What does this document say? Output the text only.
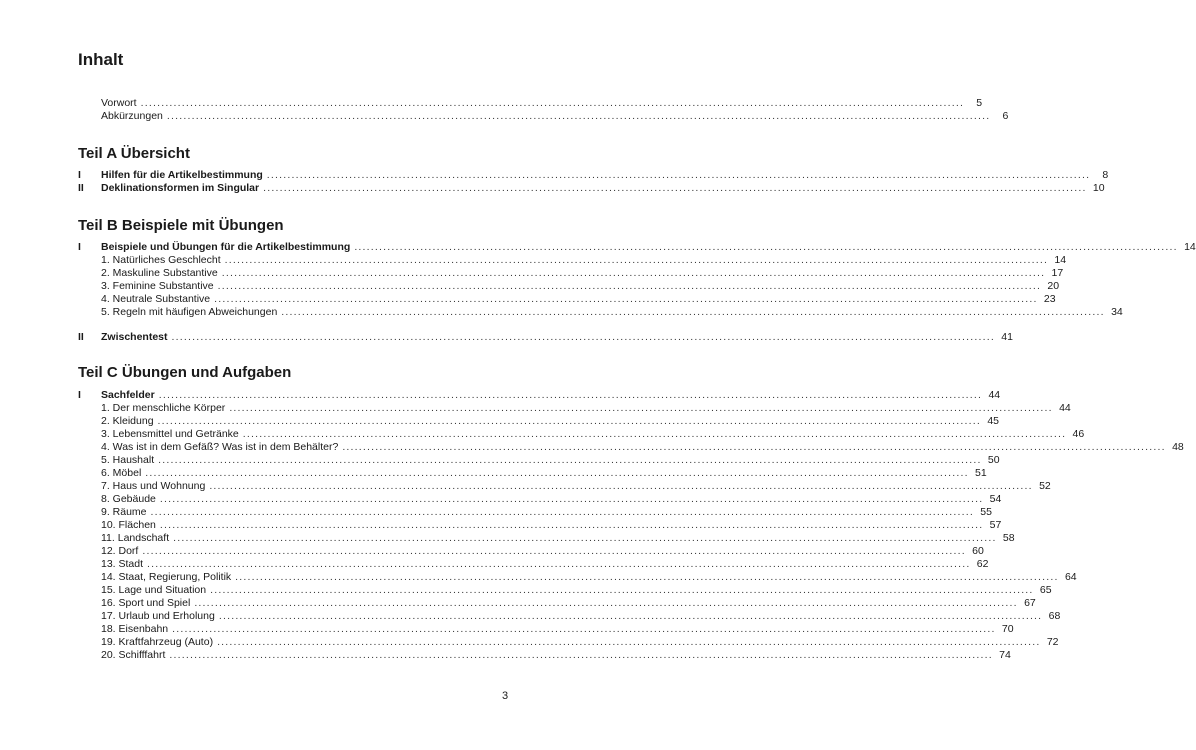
Inhalt
Vorwort ........................................................................................................................................................................................................	5
Abkürzungen ........................................................................................................................................................................................................	6
Teil A Übersicht
I	Hilfen für die Artikelbestimmung ........................................................................................................................................................................................................	8
II	Deklinationsformen im Singular ........................................................................................................................................................................................................ 10
Teil B Beispiele mit Übungen
I	Beispiele und Übungen für die Artikelbestimmung ........................................................................................................................................................................................................ 14
1. Natürliches Geschlecht ........................................................................................................................................................................................................ 14
2. Maskuline Substantive ........................................................................................................................................................................................................ 17
3. Feminine Substantive ........................................................................................................................................................................................................ 20
4. Neutrale Substantive ........................................................................................................................................................................................................ 23
5. Regeln mit häufigen Abweichungen ........................................................................................................................................................................................................ 34
II	Zwischentest ........................................................................................................................................................................................................ 41
Teil C Übungen und Aufgaben
I	Sachfelder ........................................................................................................................................................................................................ 44
1. Der menschliche Körper ........................................................................................................................................................................................................ 44
2. Kleidung ........................................................................................................................................................................................................ 45
3. Lebensmittel und Getränke ........................................................................................................................................................................................................ 46
4. Was ist in dem Gefäß? Was ist in dem Behälter? ........................................................................................................................................................................................................ 48
5. Haushalt ........................................................................................................................................................................................................ 50
6. Möbel ........................................................................................................................................................................................................ 51
7. Haus und Wohnung ........................................................................................................................................................................................................ 52
8. Gebäude ........................................................................................................................................................................................................ 54
9. Räume ........................................................................................................................................................................................................ 55
10. Flächen ........................................................................................................................................................................................................ 57
11. Landschaft ........................................................................................................................................................................................................ 58
12. Dorf ........................................................................................................................................................................................................ 60
13. Stadt ........................................................................................................................................................................................................ 62
14. Staat, Regierung, Politik ........................................................................................................................................................................................................ 64
15. Lage und Situation ........................................................................................................................................................................................................ 65
16. Sport und Spiel ........................................................................................................................................................................................................ 67
17. Urlaub und Erholung ........................................................................................................................................................................................................ 68
18. Eisenbahn ........................................................................................................................................................................................................ 70
19. Kraftfahrzeug (Auto) ........................................................................................................................................................................................................ 72
20. Schifffahrt ........................................................................................................................................................................................................ 74
3
